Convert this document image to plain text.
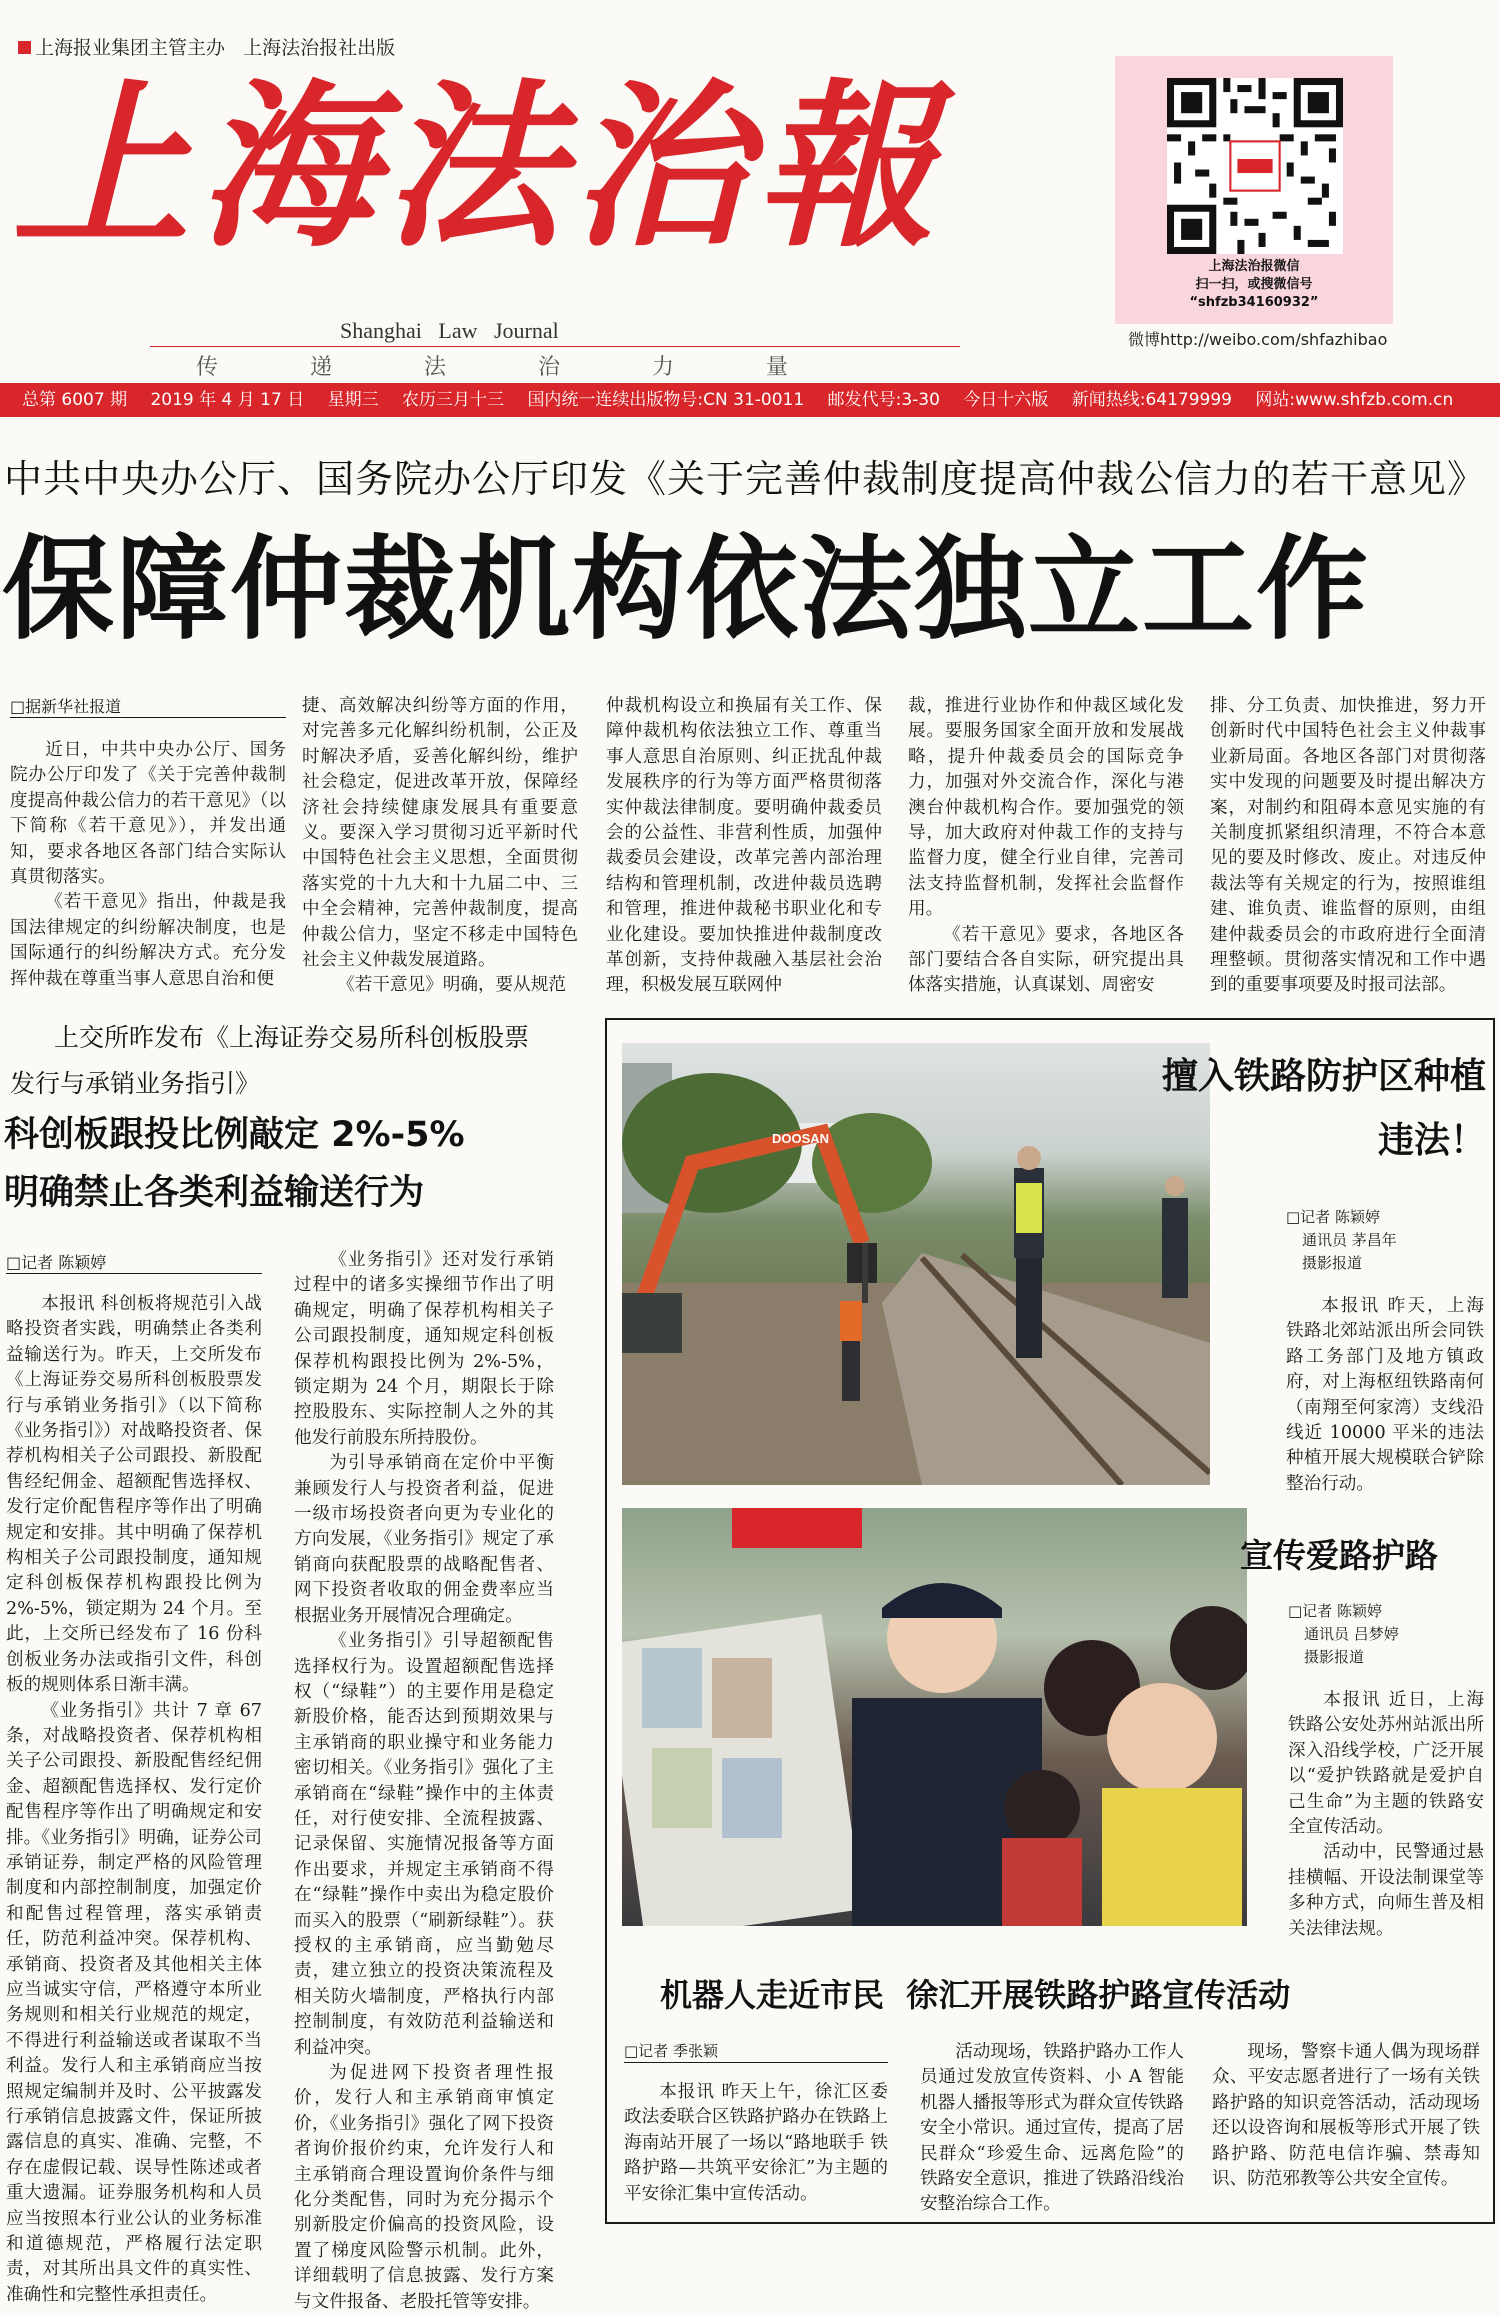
上海报业集团主管主办 上海法治报社出版
上海法治報
Shanghai   Law   Journal
传  递  法  治  力  量
上海法治报微信
扫一扫，或搜微信号
“shfzb34160932”
微博http://weibo.com/shfazhibao
总第 6007 期 2019 年 4 月 17 日 星期三 农历三月十三 国内统一连续出版物号:CN 31-0011 邮发代号:3-30 今日十六版 新闻热线:64179999 网站:www.shfzb.com.cn
中共中央办公厅、国务院办公厅印发《关于完善仲裁制度提高仲裁公信力的若干意见》
保障仲裁机构依法独立工作
□据新华社报道

近日，中共中央办公厅、国务院办公厅印发了《关于完善仲裁制度提高仲裁公信力的若干意见》（以下简称《若干意见》），并发出通知，要求各地区各部门结合实际认真贯彻落实。

《若干意见》指出，仲裁是我国法律规定的纠纷解决制度，也是国际通行的纠纷解决方式。充分发挥仲裁在尊重当事人意思自治和便

捷、高效解决纠纷等方面的作用，对完善多元化解纠纷机制，公正及时解决矛盾，妥善化解纠纷，维护社会稳定，促进改革开放，保障经济社会持续健康发展具有重要意义。要深入学习贯彻习近平新时代中国特色社会主义思想，全面贯彻落实党的十九大和十九届二中、三中全会精神，完善仲裁制度，提高仲裁公信力，坚定不移走中国特色社会主义仲裁发展道路。

《若干意见》明确，要从规范

仲裁机构设立和换届有关工作、保障仲裁机构依法独立工作、尊重当事人意思自治原则、纠正扰乱仲裁发展秩序的行为等方面严格贯彻落实仲裁法律制度。要明确仲裁委员会的公益性、非营利性质，加强仲裁委员会建设，改革完善内部治理结构和管理机制，改进仲裁员选聘和管理，推进仲裁秘书职业化和专业化建设。要加快推进仲裁制度改革创新，支持仲裁融入基层社会治理，积极发展互联网仲

裁，推进行业协作和仲裁区域化发展。要服务国家全面开放和发展战略，提升仲裁委员会的国际竞争力，加强对外交流合作，深化与港澳台仲裁机构合作。要加强党的领导，加大政府对仲裁工作的支持与监督力度，健全行业自律，完善司法支持监督机制，发挥社会监督作用。

《若干意见》要求，各地区各部门要结合各自实际，研究提出具体落实措施，认真谋划、周密安

排、分工负责、加快推进，努力开创新时代中国特色社会主义仲裁事业新局面。各地区各部门对贯彻落实中发现的问题要及时提出解决方案，对制约和阻碍本意见实施的有关制度抓紧组织清理，不符合本意见的要及时修改、废止。对违反仲裁法等有关规定的行为，按照谁组建、谁负责、谁监督的原则，由组建仲裁委员会的市政府进行全面清理整顿。贯彻落实情况和工作中遇到的重要事项要及时报司法部。

上交所昨发布《上海证券交易所科创板股票
发行与承销业务指引》
科创板跟投比例敲定 2%-5%
明确禁止各类利益输送行为
□记者 陈颖婷

本报讯 科创板将规范引入战略投资者实践，明确禁止各类利益输送行为。昨天，上交所发布《上海证券交易所科创板股票发行与承销业务指引》（以下简称《业务指引》）对战略投资者、保荐机构相关子公司跟投、新股配售经纪佣金、超额配售选择权、发行定价配售程序等作出了明确规定和安排。其中明确了保荐机构相关子公司跟投制度，通知规定科创板保荐机构跟投比例为 2%-5%，锁定期为 24 个月。至此，上交所已经发布了 16 份科创板业务办法或指引文件，科创板的规则体系日渐丰满。

《业务指引》共计 7 章 67 条，对战略投资者、保荐机构相关子公司跟投、新股配售经纪佣金、超额配售选择权、发行定价配售程序等作出了明确规定和安排。《业务指引》明确，证券公司承销证券，制定严格的风险管理制度和内部控制制度，加强定价和配售过程管理，落实承销责任，防范利益冲突。保荐机构、承销商、投资者及其他相关主体应当诚实守信，严格遵守本所业务规则和相关行业规范的规定，不得进行利益输送或者谋取不当利益。发行人和主承销商应当按照规定编制并及时、公平披露发行承销信息披露文件，保证所披露信息的真实、准确、完整，不存在虚假记载、误导性陈述或者重大遗漏。证券服务机构和人员应当按照本行业公认的业务标准和道德规范，严格履行法定职责，对其所出具文件的真实性、准确性和完整性承担责任。

《业务指引》还对发行承销过程中的诸多实操细节作出了明确规定，明确了保荐机构相关子公司跟投制度，通知规定科创板保荐机构跟投比例为 2%-5%，锁定期为 24 个月，期限长于除控股股东、实际控制人之外的其他发行前股东所持股份。

为引导承销商在定价中平衡兼顾发行人与投资者利益，促进一级市场投资者向更为专业化的方向发展，《业务指引》规定了承销商向获配股票的战略配售者、网下投资者收取的佣金费率应当根据业务开展情况合理确定。

《业务指引》引导超额配售选择权行为。设置超额配售选择权（“绿鞋”）的主要作用是稳定新股价格，能否达到预期效果与主承销商的职业操守和业务能力密切相关。《业务指引》强化了主承销商在“绿鞋”操作中的主体责任，对行使安排、全流程披露、记录保留、实施情况报备等方面作出要求，并规定主承销商不得在“绿鞋”操作中卖出为稳定股价而买入的股票（“刷新绿鞋”）。获授权的主承销商，应当勤勉尽责，建立独立的投资决策流程及相关防火墙制度，严格执行内部控制制度，有效防范利益输送和利益冲突。

为促进网下投资者理性报价，发行人和主承销商审慎定价，《业务指引》强化了网下投资者询价报价约束，允许发行人和主承销商合理设置询价条件与细化分类配售，同时为充分揭示个别新股定价偏高的投资风险，设置了梯度风险警示机制。此外，详细载明了信息披露、发行方案与文件报备、老股托管等安排。

DOOSAN
擅入铁路防护区种植
违法！
□记者 陈颖婷
通讯员 茅昌年
摄影报道

本报讯 昨天，上海铁路北郊站派出所会同铁路工务部门及地方镇政府，对上海枢纽铁路南何（南翔至何家湾）支线沿线近 10000 平米的违法种植开展大规模联合铲除整治行动。

宣传爱路护路
□记者 陈颖婷
通讯员 吕梦婷
摄影报道

本报讯 近日，上海铁路公安处苏州站派出所深入沿线学校，广泛开展以“爱护铁路就是爱护自己生命”为主题的铁路安全宣传活动。

活动中，民警通过悬挂横幅、开设法制课堂等多种方式，向师生普及相关法律法规。

机器人走近市民  徐汇开展铁路护路宣传活动
□记者 季张颖

本报讯 昨天上午，徐汇区委政法委联合区铁路护路办在铁路上海南站开展了一场以“路地联手 铁路护路—共筑平安徐汇”为主题的平安徐汇集中宣传活动。

活动现场，铁路护路办工作人员通过发放宣传资料、小 A 智能机器人播报等形式为群众宣传铁路安全小常识。通过宣传，提高了居民群众“珍爱生命、远离危险”的铁路安全意识，推进了铁路沿线治安整治综合工作。

现场，警察卡通人偶为现场群众、平安志愿者进行了一场有关铁路护路的知识竞答活动，活动现场还以设咨询和展板等形式开展了铁路护路、防范电信诈骗、禁毒知识、防范邪教等公共安全宣传。
